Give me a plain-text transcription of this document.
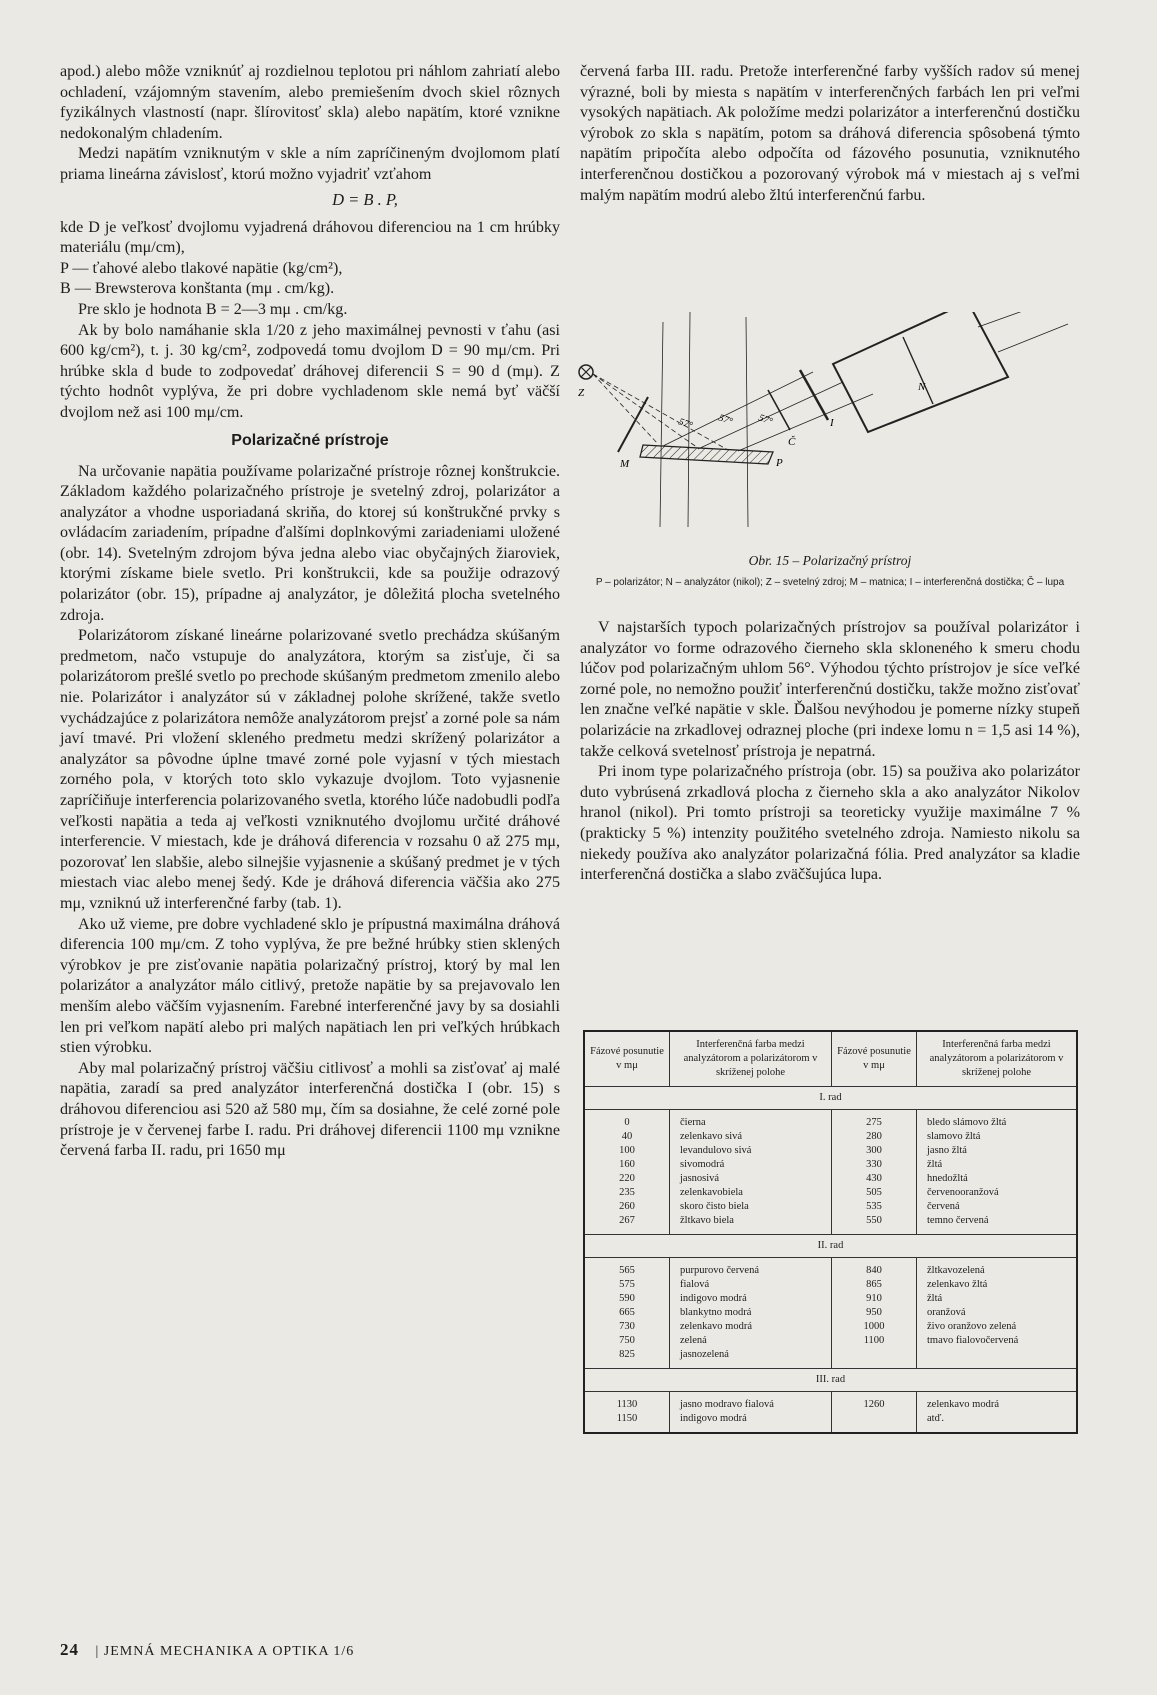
apod.) alebo môže vzniknúť aj rozdielnou teplotou pri náhlom zahriatí alebo ochladení, vzájomným stavením, alebo premiešením dvoch skiel rôznych fyzikálnych vlastností (napr. šlírovitosť skla) alebo napätím, ktoré vznikne nedokonalým chladením.

Medzi napätím vzniknutým v skle a ním zapríčineným dvojlomom platí priama lineárna závislosť, ktorú možno vyjadriť vzťahom

D = B . P,

kde D je veľkosť dvojlomu vyjadrená dráhovou diferenciou na 1 cm hrúbky materiálu (mμ/cm),

P — ťahové alebo tlakové napätie (kg/cm²),

B — Brewsterova konštanta (mμ . cm/kg).

Pre sklo je hodnota B = 2—3 mμ . cm/kg.

Ak by bolo namáhanie skla 1/20 z jeho maximálnej pevnosti v ťahu (asi 600 kg/cm²), t. j. 30 kg/cm², zodpovedá tomu dvojlom D = 90 mμ/cm. Pri hrúbke skla d bude to zodpovedať dráhovej diferencii S = 90 d (mμ). Z týchto hodnôt vyplýva, že pri dobre vychladenom skle nemá byť väčší dvojlom než asi 100 mμ/cm.

Polarizačné prístroje

Na určovanie napätia používame polarizačné prístroje rôznej konštrukcie. Základom každého polarizačného prístroje je svetelný zdroj, polarizátor a analyzátor a vhodne usporiadaná skriňa, do ktorej sú konštrukčné prvky s ovládacím zariadením, prípadne ďalšími doplnkovými zariadeniami uložené (obr. 14). Svetelným zdrojom býva jedna alebo viac obyčajných žiaroviek, ktorými získame biele svetlo. Pri konštrukcii, kde sa použije odrazový polarizátor (obr. 15), prípadne aj analyzátor, je dôležitá plocha svetelného zdroja.

Polarizátorom získané lineárne polarizované svetlo prechádza skúšaným predmetom, načo vstupuje do analyzátora, ktorým sa zisťuje, či sa polarizátorom prešlé svetlo po prechode skúšaným predmetom zmenilo alebo nie. Polarizátor i analyzátor sú v základnej polohe skrížené, takže svetlo vychádzajúce z polarizátora nemôže analyzátorom prejsť a zorné pole sa nám javí tmavé. Pri vložení skleného predmetu medzi skrížený polarizátor a analyzátor sa pôvodne úplne tmavé zorné pole vyjasní v tých miestach zorného pola, v ktorých toto sklo vykazuje dvojlom. Toto vyjasnenie zapríčiňuje interferencia polarizovaného svetla, ktorého lúče nadobudli podľa veľkosti napätia a teda aj veľkosti vzniknutého dvojlomu určité dráhové interferencie. V miestach, kde je dráhová diferencia v rozsahu 0 až 275 mμ, pozorovať len slabšie, alebo silnejšie vyjasnenie a skúšaný predmet je v tých miestach viac alebo menej šedý. Kde je dráhová diferencia väčšia ako 275 mμ, vzniknú už interferenčné farby (tab. 1).

Ako už vieme, pre dobre vychladené sklo je prípustná maximálna dráhová diferencia 100 mμ/cm. Z toho vyplýva, že pre bežné hrúbky stien sklených výrobkov je pre zisťovanie napätia polarizačný prístroj, ktorý by mal len polarizátor a analyzátor málo citlivý, pretože napätie by sa prejavovalo len menším alebo väčším vyjasnením. Farebné interferenčné javy by sa dosiahli len pri veľkom napätí alebo pri malých napätiach len pri veľkých hrúbkach stien výrobku.

Aby mal polarizačný prístroj väčšiu citlivosť a mohli sa zisťovať aj malé napätia, zaradí sa pred analyzátor interferenčná dostička I (obr. 15) s dráhovou diferenciou asi 520 až 580 mμ, čím sa dosiahne, že celé zorné pole prístroje je v červenej farbe I. radu. Pri dráhovej diferencii 1100 mμ vznikne červená farba II. radu, pri 1650 mμ

červená farba III. radu. Pretože interferenčné farby vyšších radov sú menej výrazné, boli by miesta s napätím v interferenčných farbách len pri veľmi vysokých napätiach. Ak položíme medzi polarizátor a interferenčnú dostičku výrobok zo skla s napätím, potom sa dráhová diferencia spôsobená týmto napätím pripočíta alebo odpočíta od fázového posunutia, vzniknutého interferenčnou dostičkou a pozorovaný výrobok má v miestach aj s veľmi malým napätím modrú alebo žltú interferenčnú farbu.

Z
M	P
I
Č
N
57° 57° 57°
Obr. 15 – Polarizačný prístroj
P – polarizátor; N – analyzátor (nikol); Z – svetelný zdroj; M – matnica; I – interferenčná dostička; Č – lupa

V najstarších typoch polarizačných prístrojov sa používal polarizátor i analyzátor vo forme odrazového čierneho skla skloneného k smeru chodu lúčov pod polarizačným uhlom 56°. Výhodou týchto prístrojov je síce veľké zorné pole, no nemožno použiť interferenčnú dostičku, takže možno zisťovať len značne veľké napätie v skle. Ďalšou nevýhodou je pomerne nízky stupeň polarizácie na zrkadlovej odraznej ploche (pri indexe lomu n = 1,5 asi 14 %), takže celková svetelnosť prístroja je nepatrná.

Pri inom type polarizačného prístroja (obr. 15) sa použiva ako polarizátor duto vybrúsená zrkadlová plocha z čierneho skla a ako analyzátor Nikolov hranol (nikol). Pri tomto prístroji sa teoreticky využije maximálne 7 % (prakticky 5 %) intenzity použitého svetelného zdroja. Namiesto nikolu sa niekedy používa ako analyzátor polarizačná fólia. Pred analyzátor sa kladie interferenčná dostička a slabo zväčšujúca lupa.

Fázové posunutie v mμ	Interferenčná farba medzi analyzátorom a polarizátorom v skríženej polohe	Fázové posunutie v mμ	Interferenčná farba medzi analyzátorom a polarizátorom v skríženej polohe
I. rad			
0	čierna	275	bledo slámovo žltá
40	zelenkavo sivá	280	slamovo žltá
100	levandulovo sivá	300	jasno žltá
160	sivomodrá	330	žltá
220	jasnosivá	430	hnedožltá
235	zelenkavobiela	505	červenooranžová
260	skoro čisto biela	535	červená
267	žltkavo biela	550	temno červená
II. rad			
565	purpurovo červená	840	žltkavozelená
575	fialová	865	zelenkavo žltá
590	indigovo modrá	910	žltá
665	blankytno modrá	950	oranžová
730	zelenkavo modrá	1000	živo oranžovo zelená
750	zelená	1100	tmavo fialovočervená
825	jasnozelená		
III. rad			
1130	jasno modravo fialová	1260	zelenkavo modrá
1150	indigovo modrá		atď.
24 | JEMNÁ MECHANIKA A OPTIKA 1/6
